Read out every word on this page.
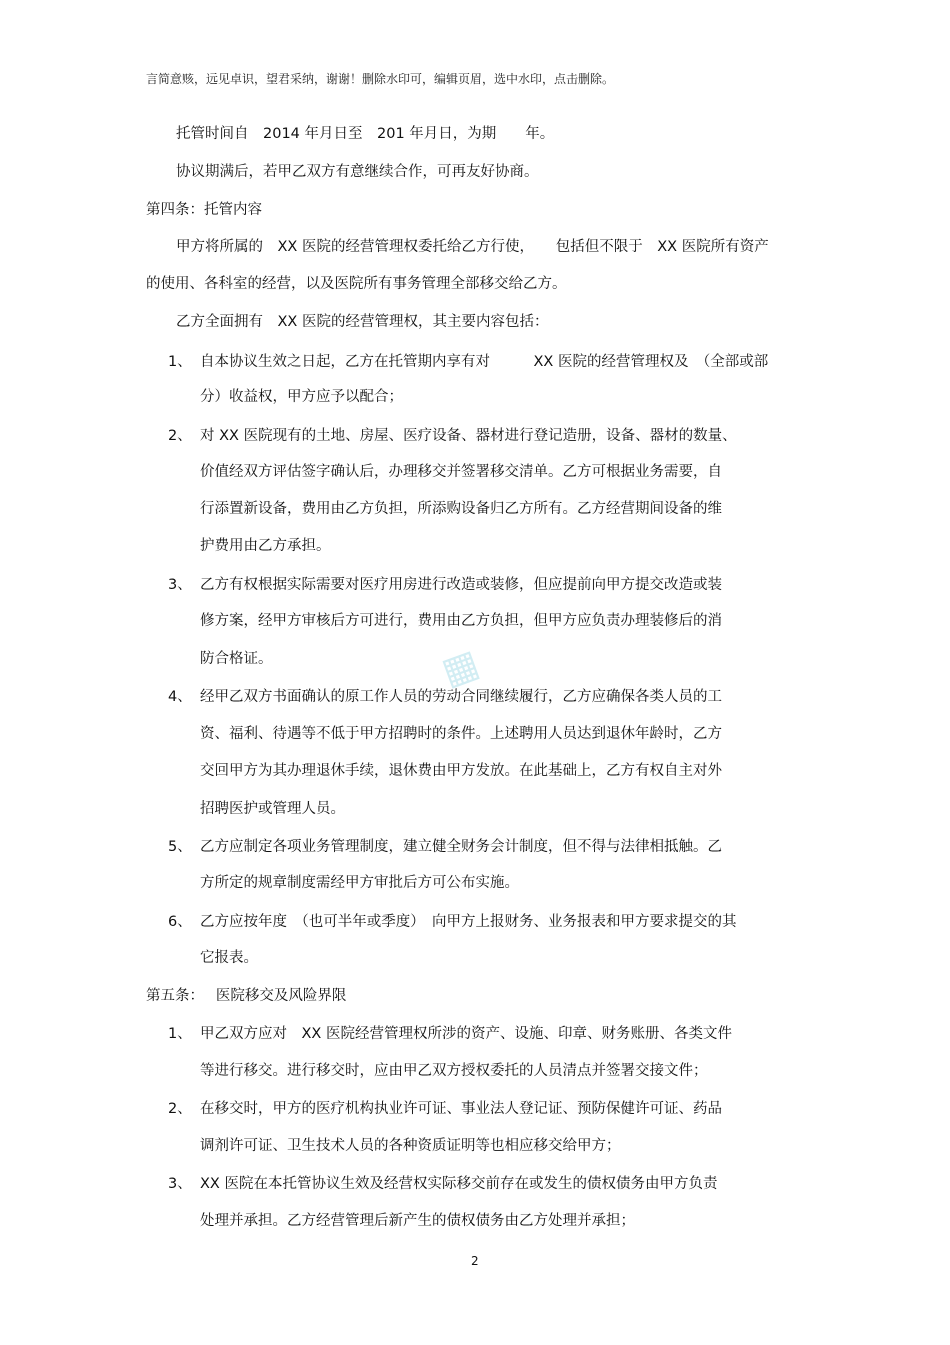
言简意赅，远见卓识，望君采纳，谢谢！删除水印可，编辑页眉，选中水印，点击删除。
托管时间自　2014 年月日至　201 年月日，为期　　年。
协议期满后，若甲乙双方有意继续合作，可再友好协商。
第四条：托管内容
甲方将所属的　XX 医院的经营管理权委托给乙方行使，　　包括但不限于　XX 医院所有资产
的使用、各科室的经营，以及医院所有事务管理全部移交给乙方。
乙方全面拥有　XX 医院的经营管理权，其主要内容包括：
1、 自本协议生效之日起，乙方在托管期内享有对　　　XX 医院的经营管理权及　（全部或部
分）收益权，甲方应予以配合；
2、 对 XX 医院现有的土地、房屋、医疗设备、器材进行登记造册，设备、器材的数量、
价值经双方评估签字确认后，办理移交并签署移交清单。乙方可根据业务需要，自
行添置新设备，费用由乙方负担，所添购设备归乙方所有。乙方经营期间设备的维
护费用由乙方承担。
3、 乙方有权根据实际需要对医疗用房进行改造或装修，但应提前向甲方提交改造或装
修方案，经甲方审核后方可进行，费用由乙方负担，但甲方应负责办理装修后的消
防合格证。
4、 经甲乙双方书面确认的原工作人员的劳动合同继续履行，乙方应确保各类人员的工
资、福利、待遇等不低于甲方招聘时的条件。上述聘用人员达到退休年龄时，乙方
交回甲方为其办理退休手续，退休费由甲方发放。在此基础上，乙方有权自主对外
招聘医护或管理人员。
5、 乙方应制定各项业务管理制度，建立健全财务会计制度，但不得与法律相抵触。乙
方所定的规章制度需经甲方审批后方可公布实施。
6、 乙方应按年度　（也可半年或季度）　向甲方上报财务、业务报表和甲方要求提交的其
它报表。
第五条：　 医院移交及风险界限
1、 甲乙双方应对　XX 医院经营管理权所涉的资产、设施、印章、财务账册、各类文件
等进行移交。进行移交时，应由甲乙双方授权委托的人员清点并签署交接文件；
2、 在移交时，甲方的医疗机构执业许可证、事业法人登记证、预防保健许可证、药品
调剂许可证、卫生技术人员的各种资质证明等也相应移交给甲方；
3、 XX 医院在本托管协议生效及经营权实际移交前存在或发生的债权债务由甲方负责
处理并承担。乙方经营管理后新产生的债权债务由乙方处理并承担；
▦
2
